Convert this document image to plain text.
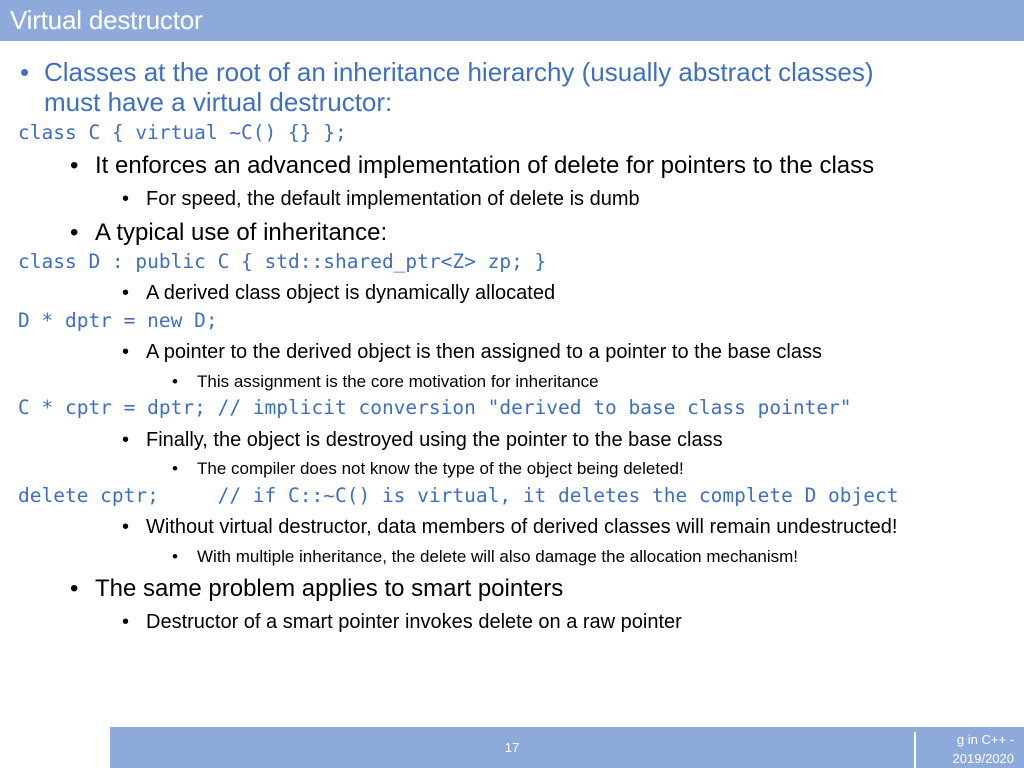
Virtual destructor
• Classes at the root of an inheritance hierarchy (usually abstract classes)
must have a virtual destructor:
class C { virtual ~C() {} };
• It enforces an advanced implementation of delete for pointers to the class
• For speed, the default implementation of delete is dumb
• A typical use of inheritance:
class D : public C { std::shared_ptr<Z> zp; }
• A derived class object is dynamically allocated
D * dptr = new D;
• A pointer to the derived object is then assigned to a pointer to the base class
• This assignment is the core motivation for inheritance
C * cptr = dptr; // implicit conversion "derived to base class pointer"
• Finally, the object is destroyed using the pointer to the base class
• The compiler does not know the type of the object being deleted!
delete cptr;     // if C::~C() is virtual, it deletes the complete D object
• Without virtual destructor, data members of derived classes will remain undestructed!
• With multiple inheritance, the delete will also damage the allocation mechanism!
• The same problem applies to smart pointers
• Destructor of a smart pointer invokes delete on a raw pointer
17
g in C++ -
2019/2020
